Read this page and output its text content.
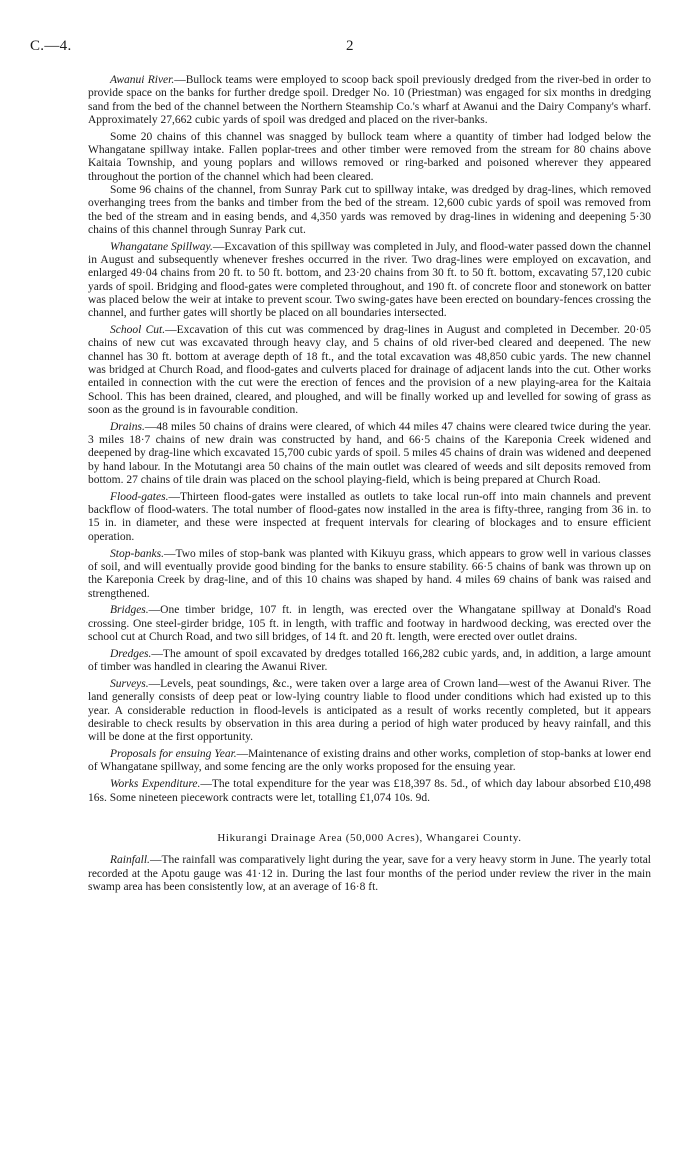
C.—4.	2

Awanui River.—Bullock teams were employed to scoop back spoil previously dredged from the river-bed in order to provide space on the banks for further dredge spoil. Dredger No. 10 (Priestman) was engaged for six months in dredging sand from the bed of the channel between the Northern Steamship Co.'s wharf at Awanui and the Dairy Company's wharf. Approximately 27,662 cubic yards of spoil was dredged and placed on the river-banks.

Some 20 chains of this channel was snagged by bullock team where a quantity of timber had lodged below the Whangatane spillway intake. Fallen poplar-trees and other timber were removed from the stream for 80 chains above Kaitaia Township, and young poplars and willows removed or ring-barked and poisoned wherever they appeared throughout the portion of the channel which had been cleared.

Some 96 chains of the channel, from Sunray Park cut to spillway intake, was dredged by drag-lines, which removed overhanging trees from the banks and timber from the bed of the stream. 12,600 cubic yards of spoil was removed from the bed of the stream and in easing bends, and 4,350 yards was removed by drag-lines in widening and deepening 5·30 chains of this channel through Sunray Park cut.

Whangatane Spillway.—Excavation of this spillway was completed in July, and flood-water passed down the channel in August and subsequently whenever freshes occurred in the river. Two drag-lines were employed on excavation, and enlarged 49·04 chains from 20 ft. to 50 ft. bottom, and 23·20 chains from 30 ft. to 50 ft. bottom, excavating 57,120 cubic yards of spoil. Bridging and flood-gates were completed throughout, and 190 ft. of concrete floor and stonework on batter was placed below the weir at intake to prevent scour. Two swing-gates have been erected on boundary-fences crossing the channel, and further gates will shortly be placed on all boundaries intersected.

School Cut.—Excavation of this cut was commenced by drag-lines in August and completed in December. 20·05 chains of new cut was excavated through heavy clay, and 5 chains of old river-bed cleared and deepened. The new channel has 30 ft. bottom at average depth of 18 ft., and the total excavation was 48,850 cubic yards. The new channel was bridged at Church Road, and flood-gates and culverts placed for drainage of adjacent lands into the cut. Other works entailed in connection with the cut were the erection of fences and the provision of a new playing-area for the Kaitaia School. This has been drained, cleared, and ploughed, and will be finally worked up and levelled for sowing of grass as soon as the ground is in favourable condition.

Drains.—48 miles 50 chains of drains were cleared, of which 44 miles 47 chains were cleared twice during the year. 3 miles 18·7 chains of new drain was constructed by hand, and 66·5 chains of the Kareponia Creek widened and deepened by drag-line which excavated 15,700 cubic yards of spoil. 5 miles 45 chains of drain was widened and deepened by hand labour. In the Motutangi area 50 chains of the main outlet was cleared of weeds and silt deposits removed from bottom. 27 chains of tile drain was placed on the school playing-field, which is being prepared at Church Road.

Flood-gates.—Thirteen flood-gates were installed as outlets to take local run-off into main channels and prevent backflow of flood-waters. The total number of flood-gates now installed in the area is fifty-three, ranging from 36 in. to 15 in. in diameter, and these were inspected at frequent intervals for clearing of blockages and to ensure efficient operation.

Stop-banks.—Two miles of stop-bank was planted with Kikuyu grass, which appears to grow well in various classes of soil, and will eventually provide good binding for the banks to ensure stability. 66·5 chains of bank was thrown up on the Kareponia Creek by drag-line, and of this 10 chains was shaped by hand. 4 miles 69 chains of bank was raised and strengthened.

Bridges.—One timber bridge, 107 ft. in length, was erected over the Whangatane spillway at Donald's Road crossing. One steel-girder bridge, 105 ft. in length, with traffic and footway in hardwood decking, was erected over the school cut at Church Road, and two sill bridges, of 14 ft. and 20 ft. length, were erected over outlet drains.

Dredges.—The amount of spoil excavated by dredges totalled 166,282 cubic yards, and, in addition, a large amount of timber was handled in clearing the Awanui River.

Surveys.—Levels, peat soundings, &c., were taken over a large area of Crown land—west of the Awanui River. The land generally consists of deep peat or low-lying country liable to flood under conditions which had existed up to this year. A considerable reduction in flood-levels is anticipated as a result of works recently completed, but it appears desirable to check results by observation in this area during a period of high water produced by heavy rainfall, and this will be done at the first opportunity.

Proposals for ensuing Year.—Maintenance of existing drains and other works, completion of stop-banks at lower end of Whangatane spillway, and some fencing are the only works proposed for the ensuing year.

Works Expenditure.—The total expenditure for the year was £18,397 8s. 5d., of which day labour absorbed £10,498 16s. Some nineteen piecework contracts were let, totalling £1,074 10s. 9d.

Hikurangi Drainage Area (50,000 Acres), Whangarei County.

Rainfall.—The rainfall was comparatively light during the year, save for a very heavy storm in June. The yearly total recorded at the Apotu gauge was 41·12 in. During the last four months of the period under review the river in the main swamp area has been consistently low, at an average of 16·8 ft.
